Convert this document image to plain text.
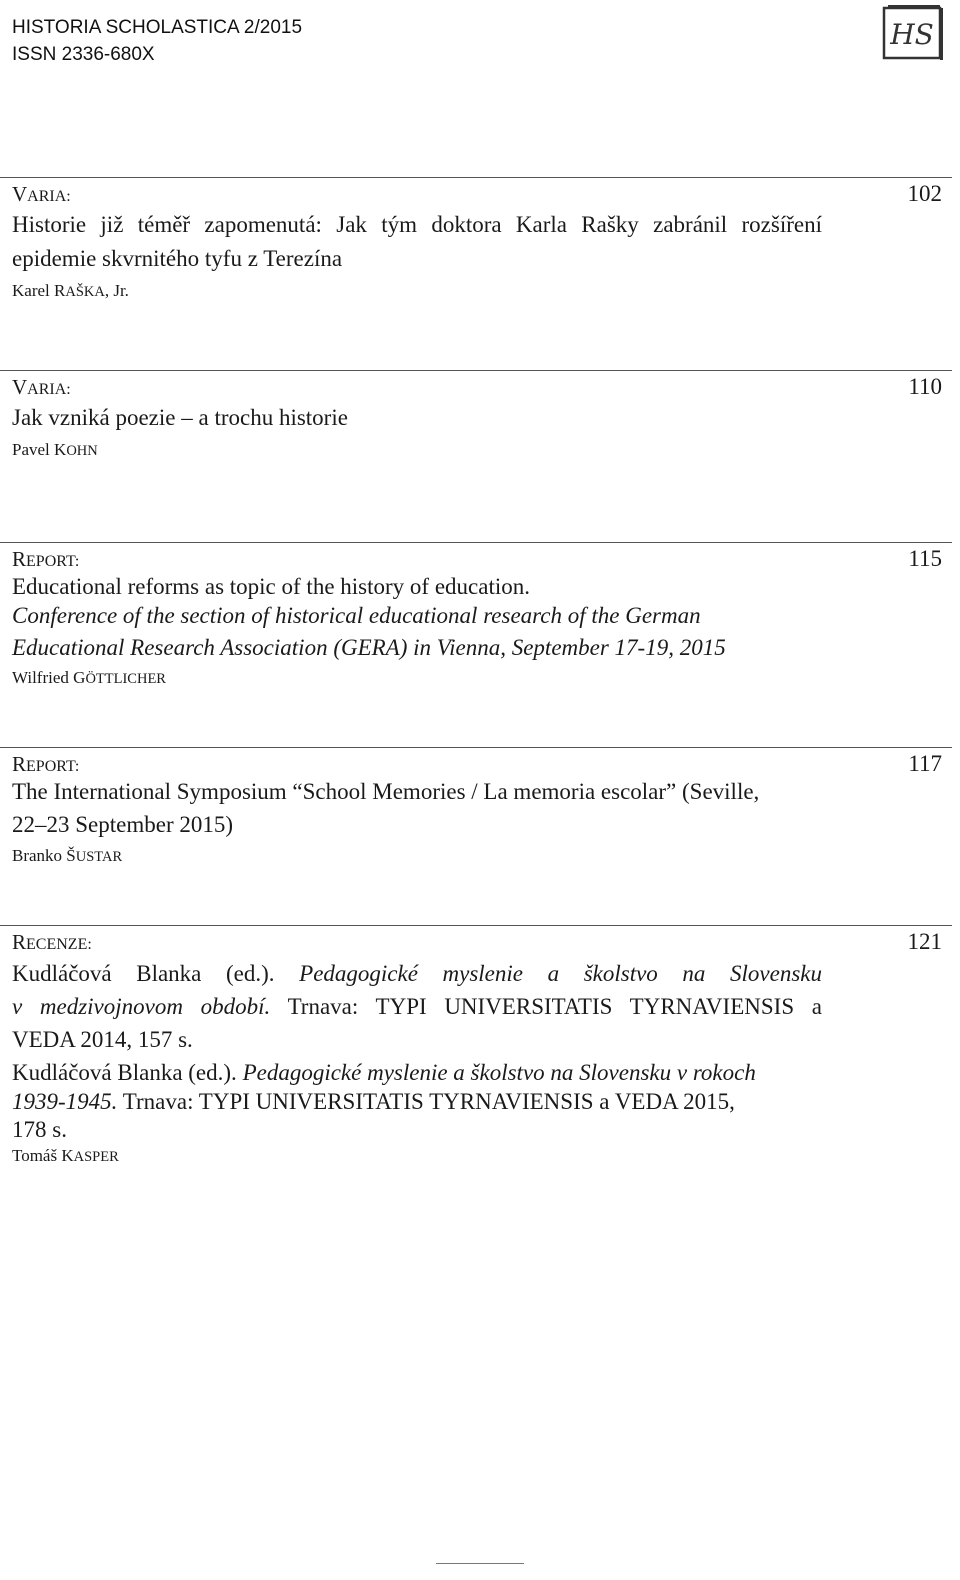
HISTORIA SCHOLASTICA 2/2015
ISSN 2336-680X
HS
102
VARIA:
Historie již téměř zapomenutá: Jak tým doktora Karla Rašky zabránil rozšíření
epidemie skvrnitého tyfu z Terezína
Karel RAŠKA, Jr.
110
VARIA:
Jak vzniká poezie – a trochu historie
Pavel KOHN
115
REPORT:
Educational reforms as topic of the history of education.
Conference of the section of historical educational research of the German
Educational Research Association (GERA) in Vienna, September 17-19, 2015
Wilfried GÖTTLICHER
117
REPORT:
The International Symposium “School Memories / La memoria escolar” (Seville,
22–23 September 2015)
Branko ŠUSTAR
121
RECENZE:
Kudláčová Blanka (ed.). Pedagogické myslenie a školstvo na Slovensku
v medzivojnovom období. Trnava: TYPI UNIVERSITATIS TYRNAVIENSIS a
VEDA 2014, 157 s.
Kudláčová Blanka (ed.). Pedagogické myslenie a školstvo na Slovensku v rokoch
1939-1945. Trnava: TYPI UNIVERSITATIS TYRNAVIENSIS a VEDA 2015,
178 s.
Tomáš KASPER
